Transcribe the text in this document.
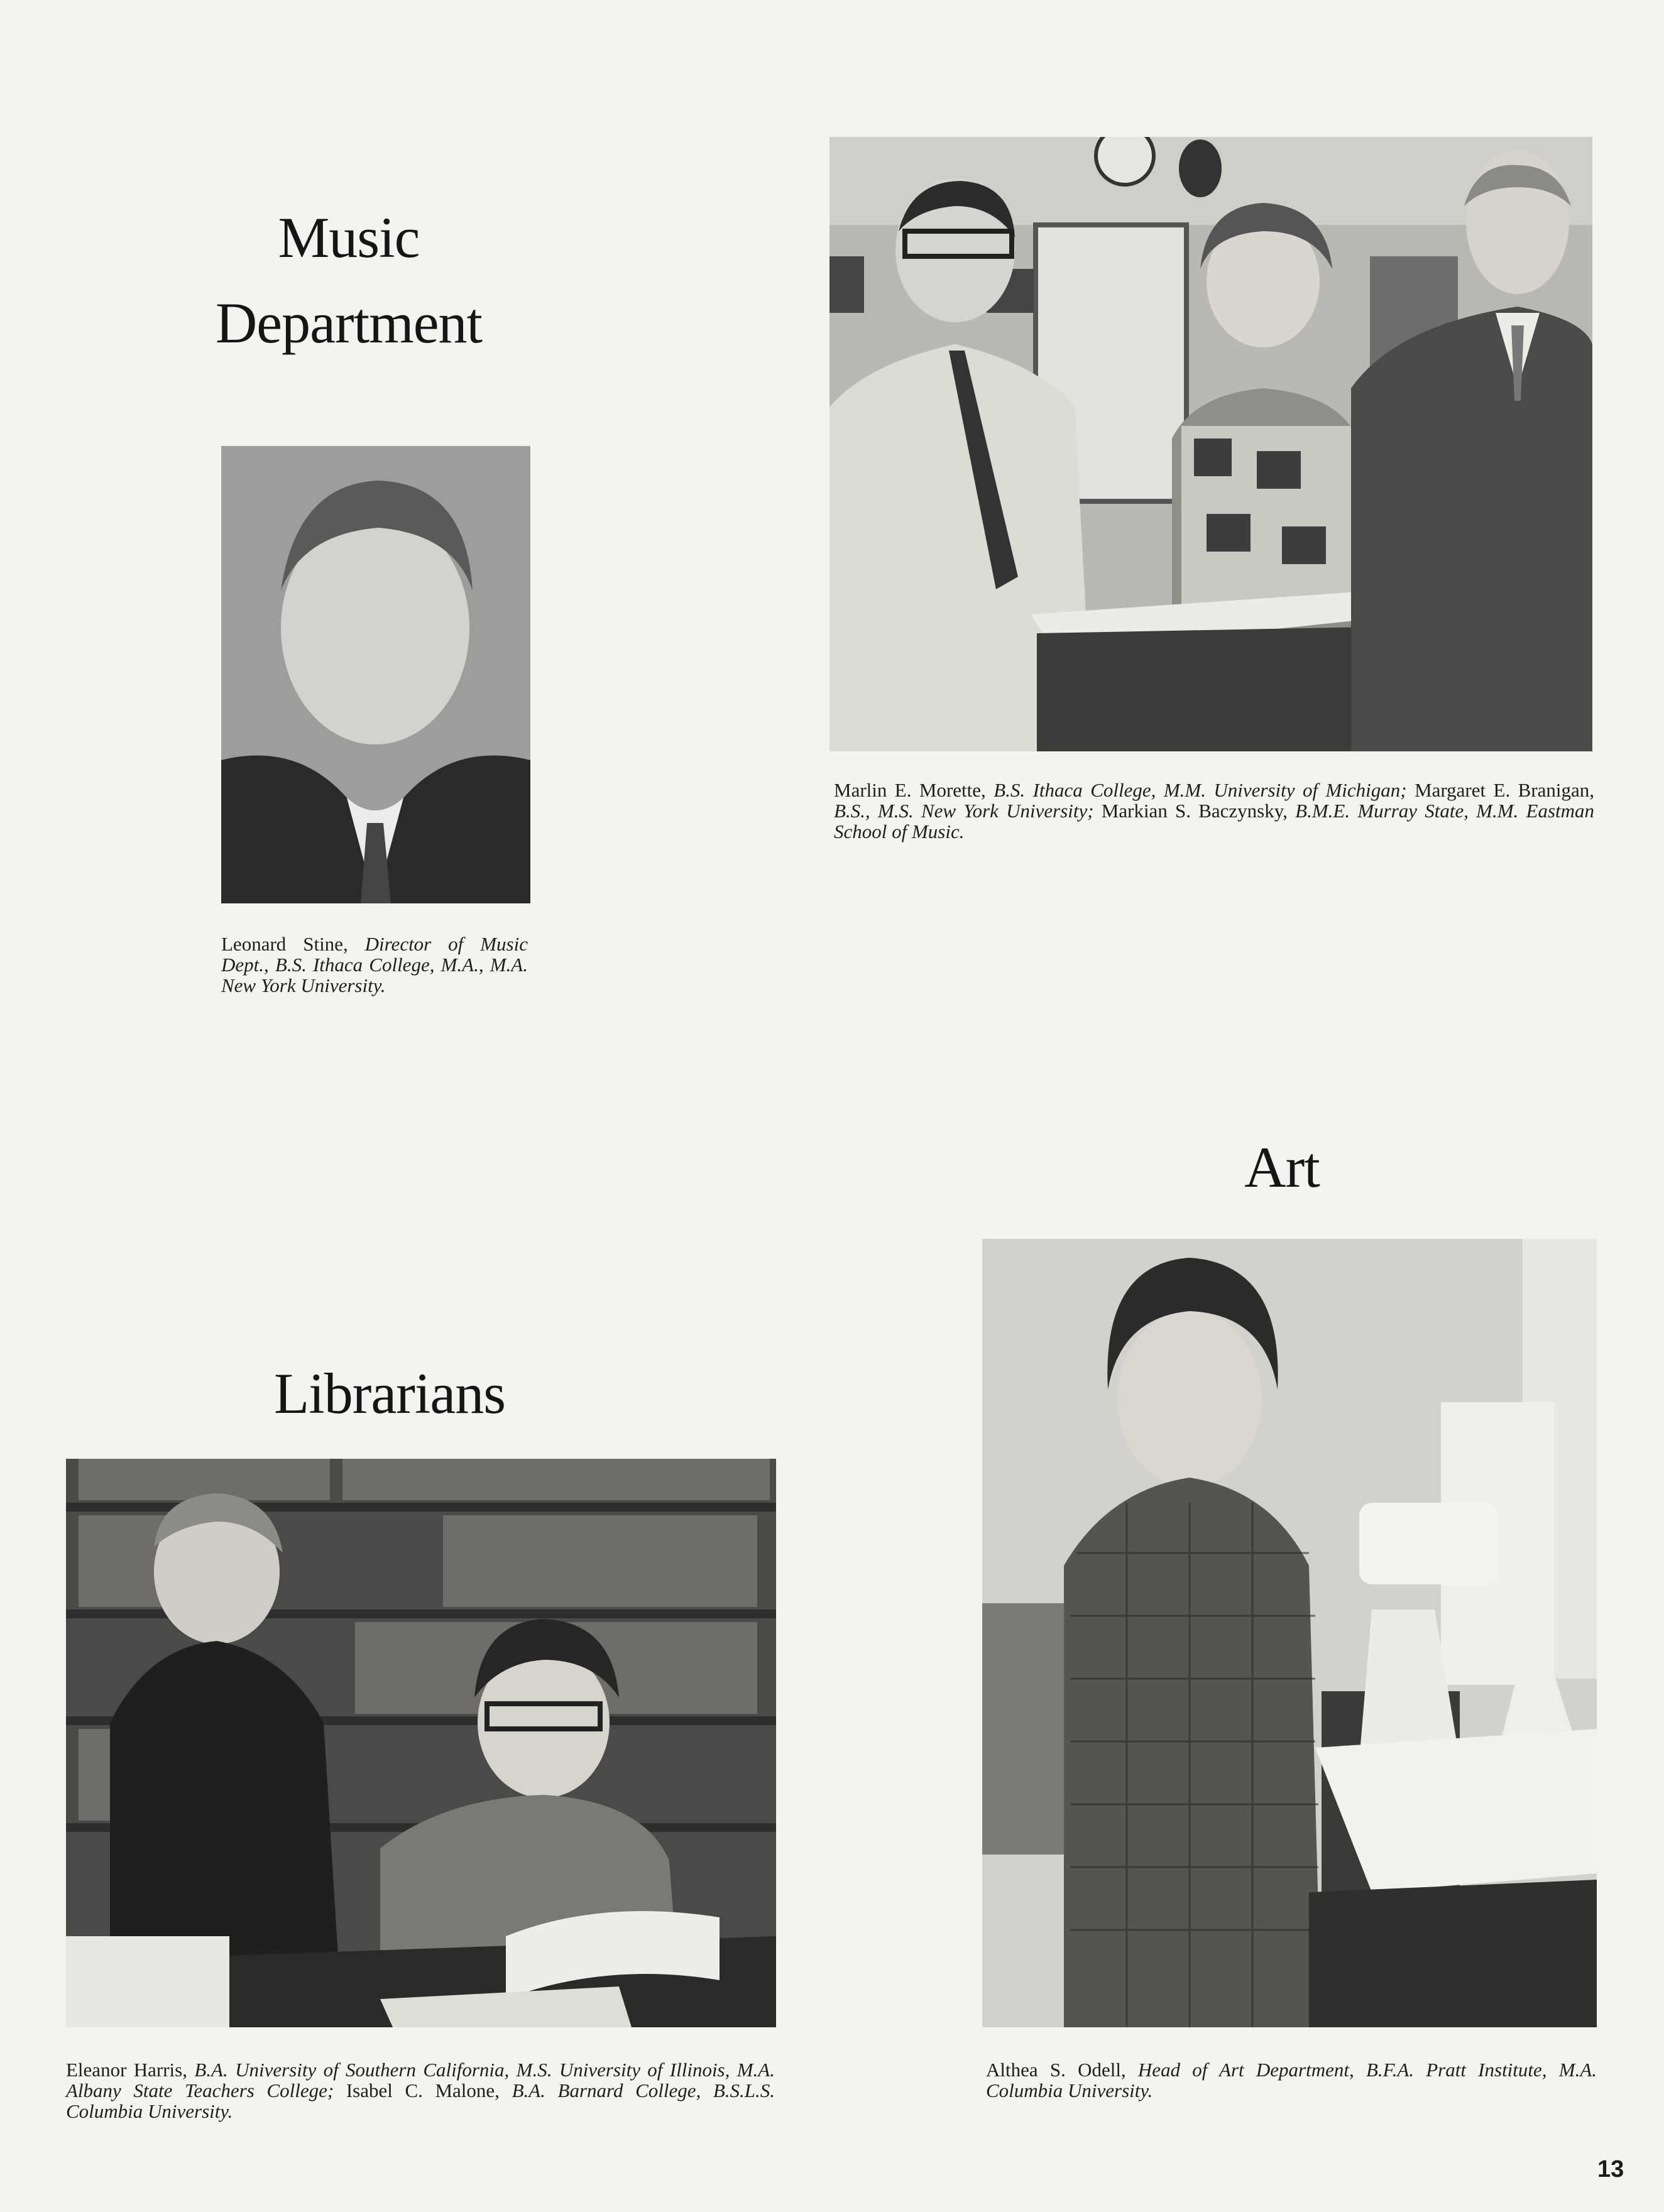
Music Department
Art
Librarians

Leonard Stine, Director of Music Dept., B.S. Ithaca College, M.A., M.A. New York University.

Marlin E. Morette, B.S. Ithaca College, M.M. University of Michigan; Margaret E. Branigan, B.S., M.S. New York University; Markian S. Baczynsky, B.M.E. Murray State, M.M. Eastman School of Music.

Eleanor Harris, B.A. University of Southern California, M.S. University of Illinois, M.A. Albany State Teachers College; Isabel C. Malone, B.A. Barnard College, B.S.L.S. Columbia University.

Althea S. Odell, Head of Art Department, B.F.A. Pratt Institute, M.A. Columbia University.

13
